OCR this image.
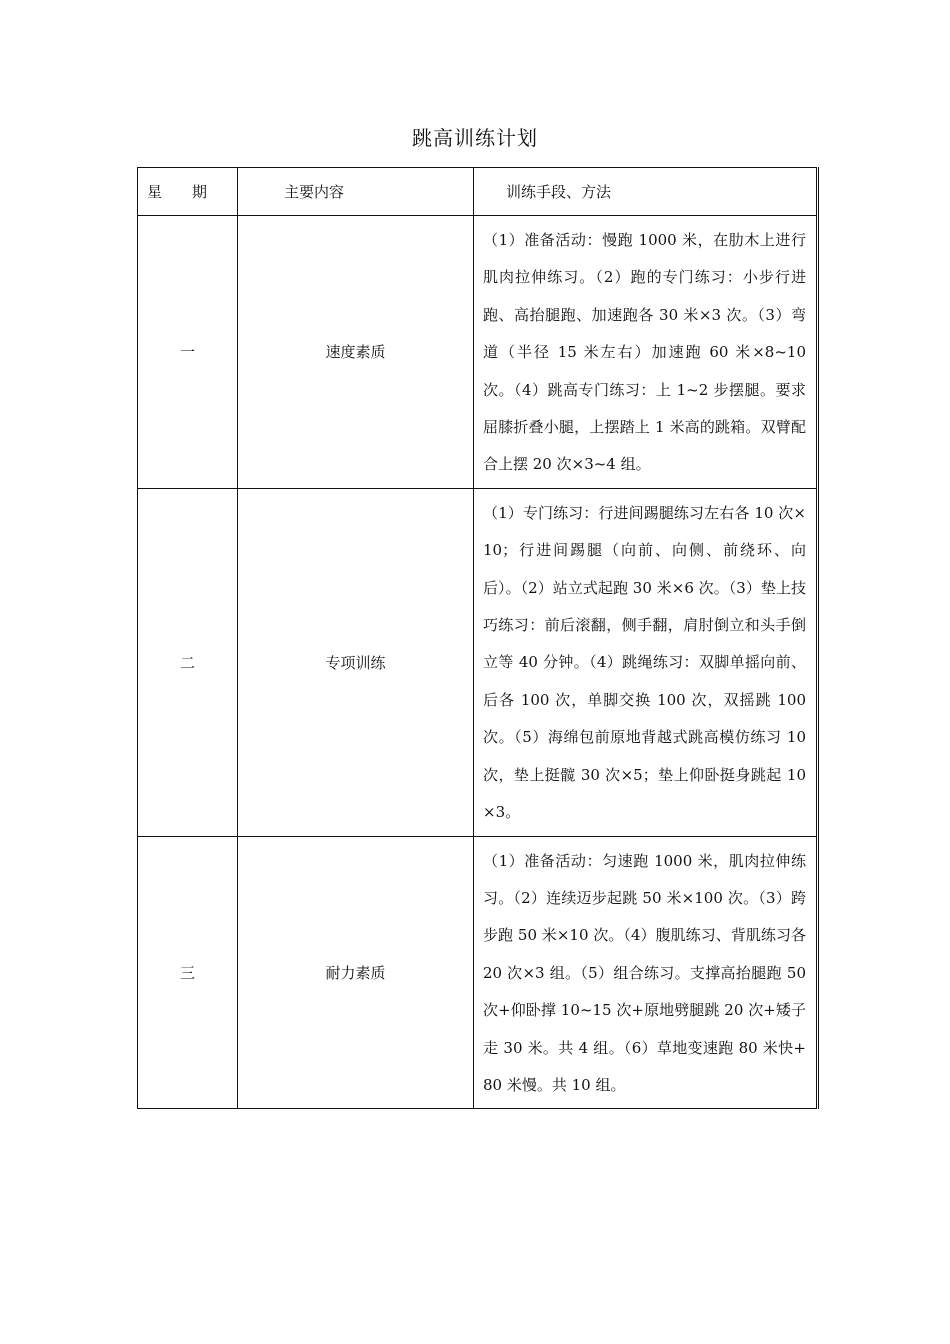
跳高训练计划
星期	主要内容	训练手段、方法
一	速度素质	（1）准备活动：慢跑 1000 米，在肋木上进行肌肉拉伸练习。（2）跑的专门练习：小步行进跑、高抬腿跑、加速跑各 30 米×3 次。（3）弯道（半径 15 米左右）加速跑 60 米×8~10 次。（4）跳高专门练习：上 1~2 步摆腿。要求屈膝折叠小腿，上摆踏上 1 米高的跳箱。双臂配合上摆 20 次×3~4 组。
二	专项训练	（1）专门练习：行进间踢腿练习左右各 10 次×10；行进间踢腿（向前、向侧、前绕环、向后）。（2）站立式起跑 30 米×6 次。（3）垫上技巧练习：前后滚翻，侧手翻，肩肘倒立和头手倒立等 40 分钟。（4）跳绳练习：双脚单摇向前、后各 100 次，单脚交换 100 次，双摇跳 100 次。（5）海绵包前原地背越式跳高模仿练习 10 次，垫上挺髋 30 次×5；垫上仰卧挺身跳起 10×3。
三	耐力素质	（1）准备活动：匀速跑 1000 米，肌肉拉伸练习。（2）连续迈步起跳 50 米×100 次。（3）跨步跑 50 米×10 次。（4）腹肌练习、背肌练习各 20 次×3 组。（5）组合练习。支撑高抬腿跑 50 次+仰卧撑 10~15 次+原地劈腿跳 20 次+矮子走 30 米。共 4 组。（6）草地变速跑 80 米快+80 米慢。共 10 组。
